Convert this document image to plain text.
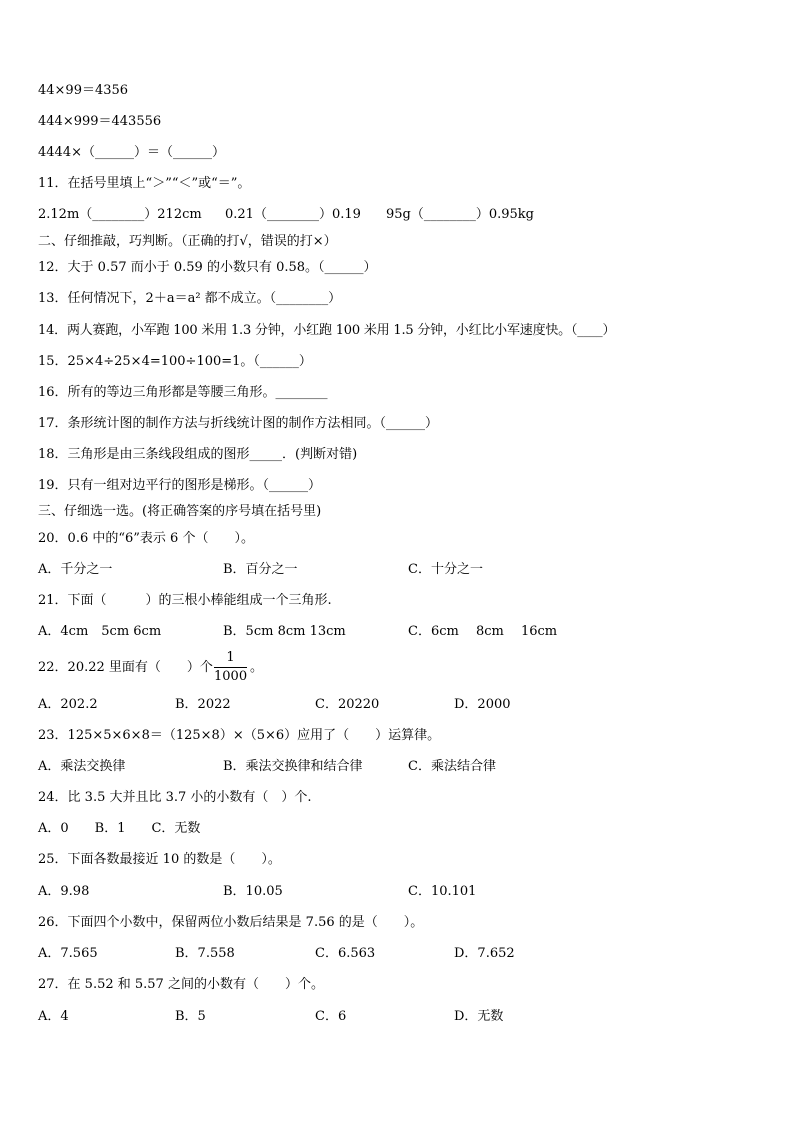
44×99＝4356
444×999＝443556
4444×（______）＝（______）
11．在括号里填上“＞”“＜”或“＝”。
2.12m（________）212cm 0.21（________）0.19 95g（________）0.95kg
二、仔细推敲，巧判断。（正确的打√，错误的打×）
12．大于 0.57 而小于 0.59 的小数只有 0.58。（______）
13．任何情况下，2＋a＝a² 都不成立。（________）
14．两人赛跑，小军跑 100 米用 1.3 分钟，小红跑 100 米用 1.5 分钟，小红比小军速度快。（____）
15．25×4÷25×4=100÷100=1。（______）
16．所有的等边三角形都是等腰三角形。________
17．条形统计图的制作方法与折线统计图的制作方法相同。（______）
18．三角形是由三条线段组成的图形_____．(判断对错)
19．只有一组对边平行的图形是梯形。（______）
三、仔细选一选。(将正确答案的序号填在括号里)
20．0.6 中的“6”表示 6 个（　　）。
A．千分之一	B．百分之一	C．十分之一
21．下面（　　　）的三根小棒能组成一个三角形.
A．4cm　5cm 6cm	B．5cm 8cm 13cm	C．6cm　 8cm　 16cm
22．20.22 里面有（　　）个
1
1000
。
A．202.2	B．2022	C．20220	D．2000
23．125×5×6×8＝（125×8）×（5×6）应用了（　　）运算律。
A．乘法交换律	B．乘法交换律和结合律	C．乘法结合律
24．比 3.5 大并且比 3.7 小的小数有（　）个.
A．0　　B．1　　C．无数
25．下面各数最接近 10 的数是（　　）。
A．9.98	B．10.05	C．10.101
26．下面四个小数中，保留两位小数后结果是 7.56 的是（　　）。
A．7.565	B．7.558	C．6.563	D．7.652
27．在 5.52 和 5.57 之间的小数有（　　）个。
A．4	B．5	C．6	D．无数
